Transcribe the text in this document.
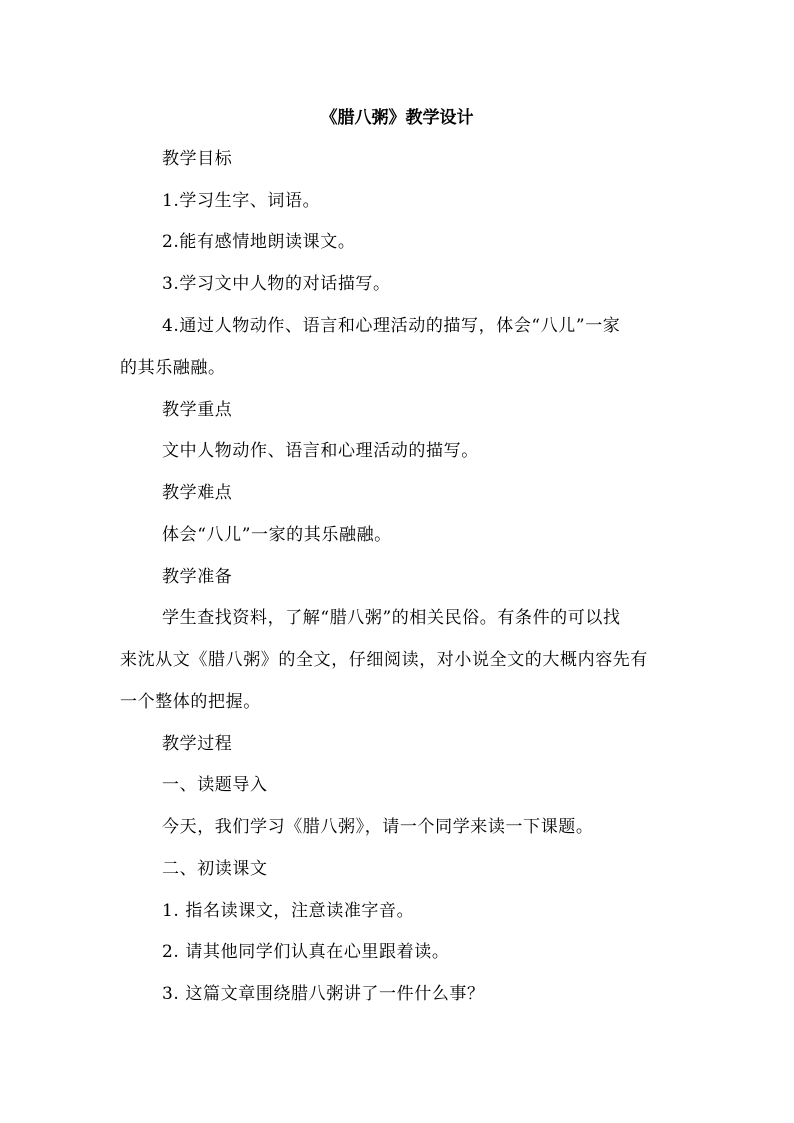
《腊八粥》教学设计
教学目标
1.学习生字、词语。
2.能有感情地朗读课文。
3.学习文中人物的对话描写。
4.通过人物动作、语言和心理活动的描写，体会“八儿”一家
的其乐融融。
教学重点
文中人物动作、语言和心理活动的描写。
教学难点
体会“八儿”一家的其乐融融。
教学准备
学生查找资料，了解“腊八粥”的相关民俗。有条件的可以找
来沈从文《腊八粥》的全文，仔细阅读，对小说全文的大概内容先有
一个整体的把握。
教学过程
一、读题导入
今天，我们学习《腊八粥》，请一个同学来读一下课题。
二、初读课文
1. 指名读课文，注意读准字音。
2. 请其他同学们认真在心里跟着读。
3. 这篇文章围绕腊八粥讲了一件什么事？
